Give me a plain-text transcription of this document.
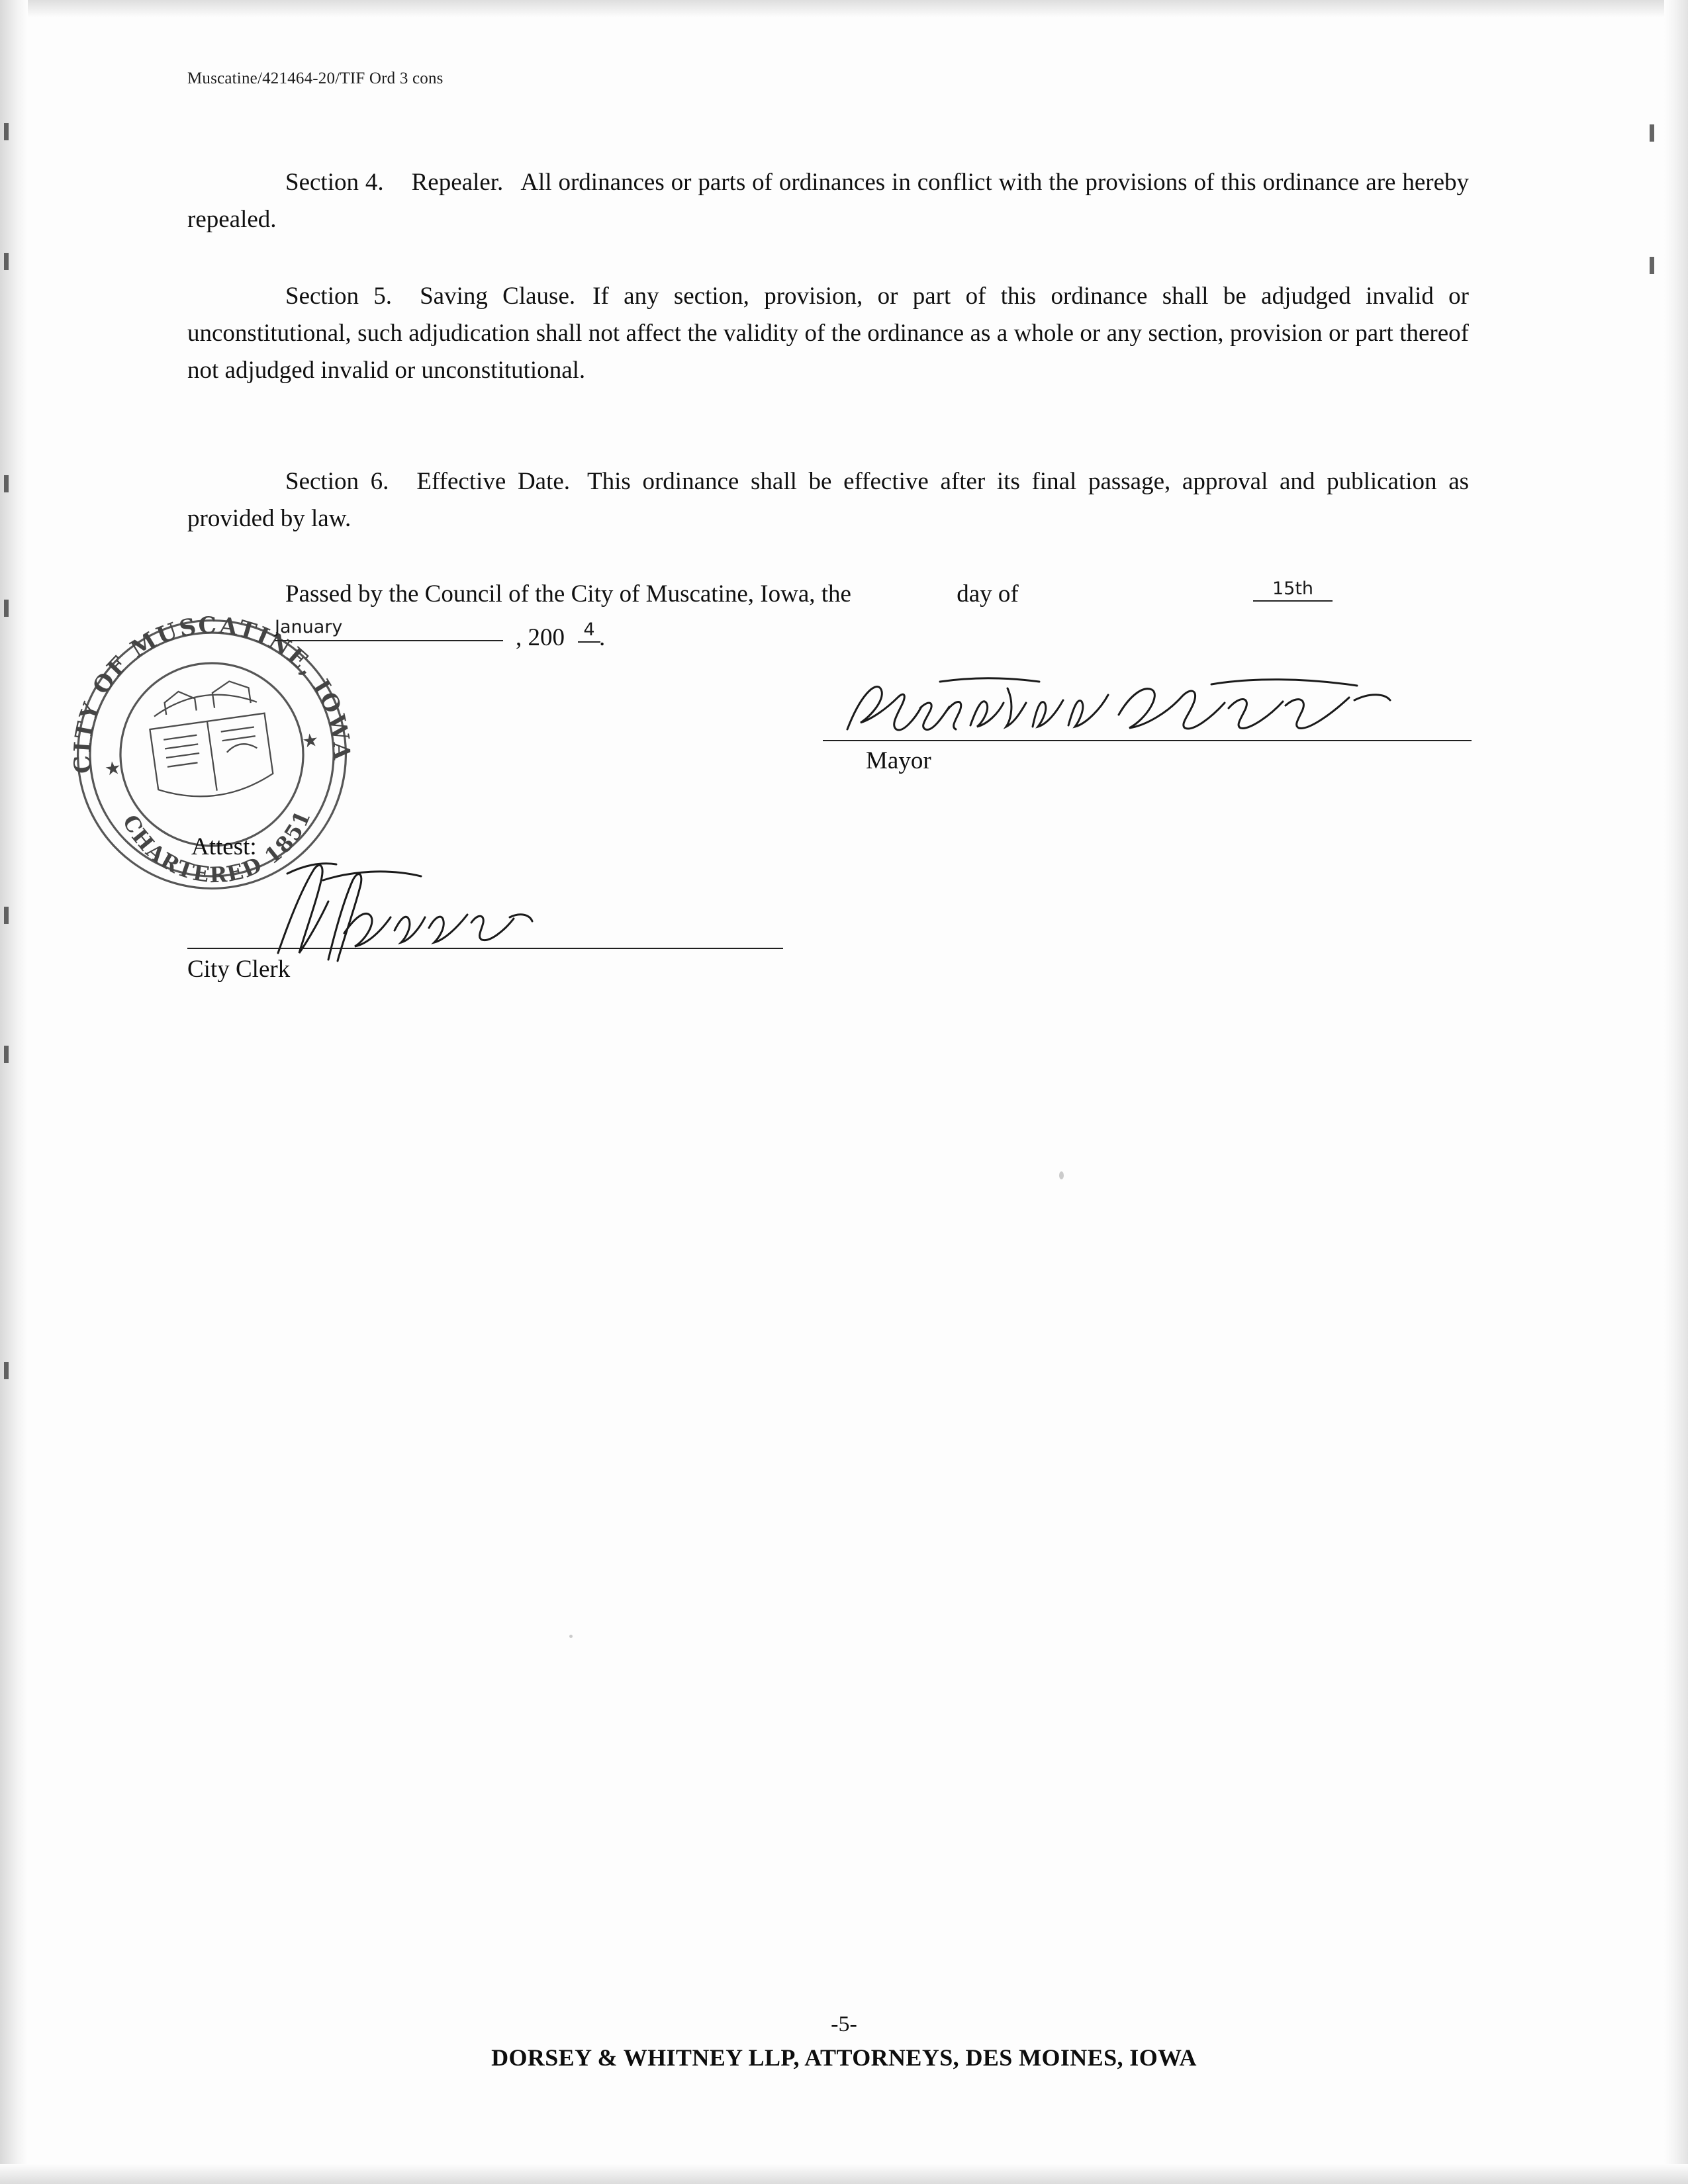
Muscatine/421464-20/TIF Ord 3 cons
Section 4. Repealer. All ordinances or parts of ordinances in conflict with the provisions of this ordinance are hereby repealed.
Section 5. Saving Clause. If any section, provision, or part of this ordinance shall be adjudged invalid or unconstitutional, such adjudication shall not affect the validity of the ordinance as a whole or any section, provision or part thereof not adjudged invalid or unconstitutional.
Section 6. Effective Date. This ordinance shall be effective after its final passage, approval and publication as provided by law.
Passed by the Council of the City of Muscatine, Iowa, the	day of	15th
January	, 200 .
4
CITY OF MUSCATINE, IOWA
CHARTERED 1851
★
★
Mayor
Attest:
City Clerk
-5-
DORSEY & WHITNEY LLP, ATTORNEYS, DES MOINES, IOWA
